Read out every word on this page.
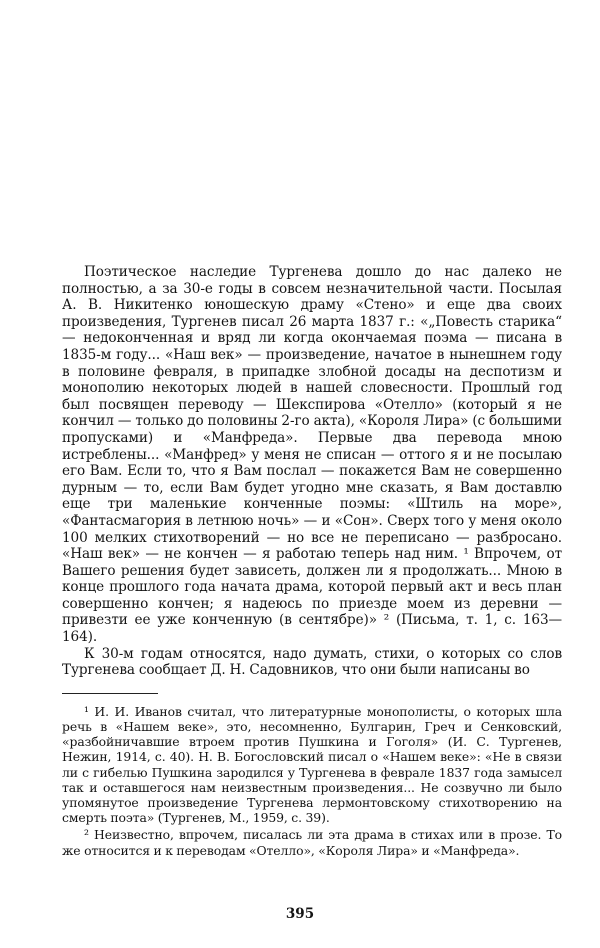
Поэтическое наследие Тургенева дошло до нас далеко не полностью, а за 30-е годы в совсем незначительной части. Посылая А. В. Никитенко юношескую драму «Стено» и еще два своих произведения, Тургенев писал 26 марта 1837 г.: «„Повесть старика“ — недоконченная и вряд ли когда окончаемая поэма — писана в 1835-м году... «Наш век» — произведение, начатое в нынешнем году в половине февраля, в припадке злобной досады на деспотизм и монополию некоторых людей в нашей словесности. Прошлый год был посвящен переводу — Шекспирова «Отелло» (который я не кончил — только до половины 2-го акта), «Короля Лира» (с большими пропусками) и «Манфреда». Первые два перевода мною истреблены... «Манфред» у меня не списан — оттого я и не посылаю его Вам. Если то, что я Вам послал — покажется Вам не совершенно дурным — то, если Вам будет угодно мне сказать, я Вам доставлю еще три маленькие конченные поэмы: «Штиль на море», «Фантасмагория в летнюю ночь» — и «Сон». Сверх того у меня около 100 мелких стихотворений — но все не переписано — разбросано. «Наш век» — не кончен — я работаю теперь над ним. ¹ Впрочем, от Вашего решения будет зависеть, должен ли я продолжать... Мною в конце прошлого года начата драма, которой первый акт и весь план совершенно кончен; я надеюсь по приезде моем из деревни — привезти ее уже конченную (в сентябре)» ² (Письма, т. 1, с. 163—164).

К 30-м годам относятся, надо думать, стихи, о которых со слов Тургенева сообщает Д. Н. Садовников, что они были написаны во

¹ И. И. Иванов считал, что литературные монополисты, о которых шла речь в «Нашем веке», это, несомненно, Булгарин, Греч и Сенковский, «разбойничавшие втроем против Пушкина и Гоголя» (И. С. Тургенев, Нежин, 1914, с. 40). Н. В. Богословский писал о «Нашем веке»: «Не в связи ли с гибелью Пушкина зародился у Тургенева в феврале 1837 года замысел так и оставшегося нам неизвестным произведения... Не созвучно ли было упомянутое произведение Тургенева лермонтовскому стихотворению на смерть поэта» (Тургенев, М., 1959, с. 39).

² Неизвестно, впрочем, писалась ли эта драма в стихах или в прозе. То же относится и к переводам «Отелло», «Короля Лира» и «Манфреда».

395
